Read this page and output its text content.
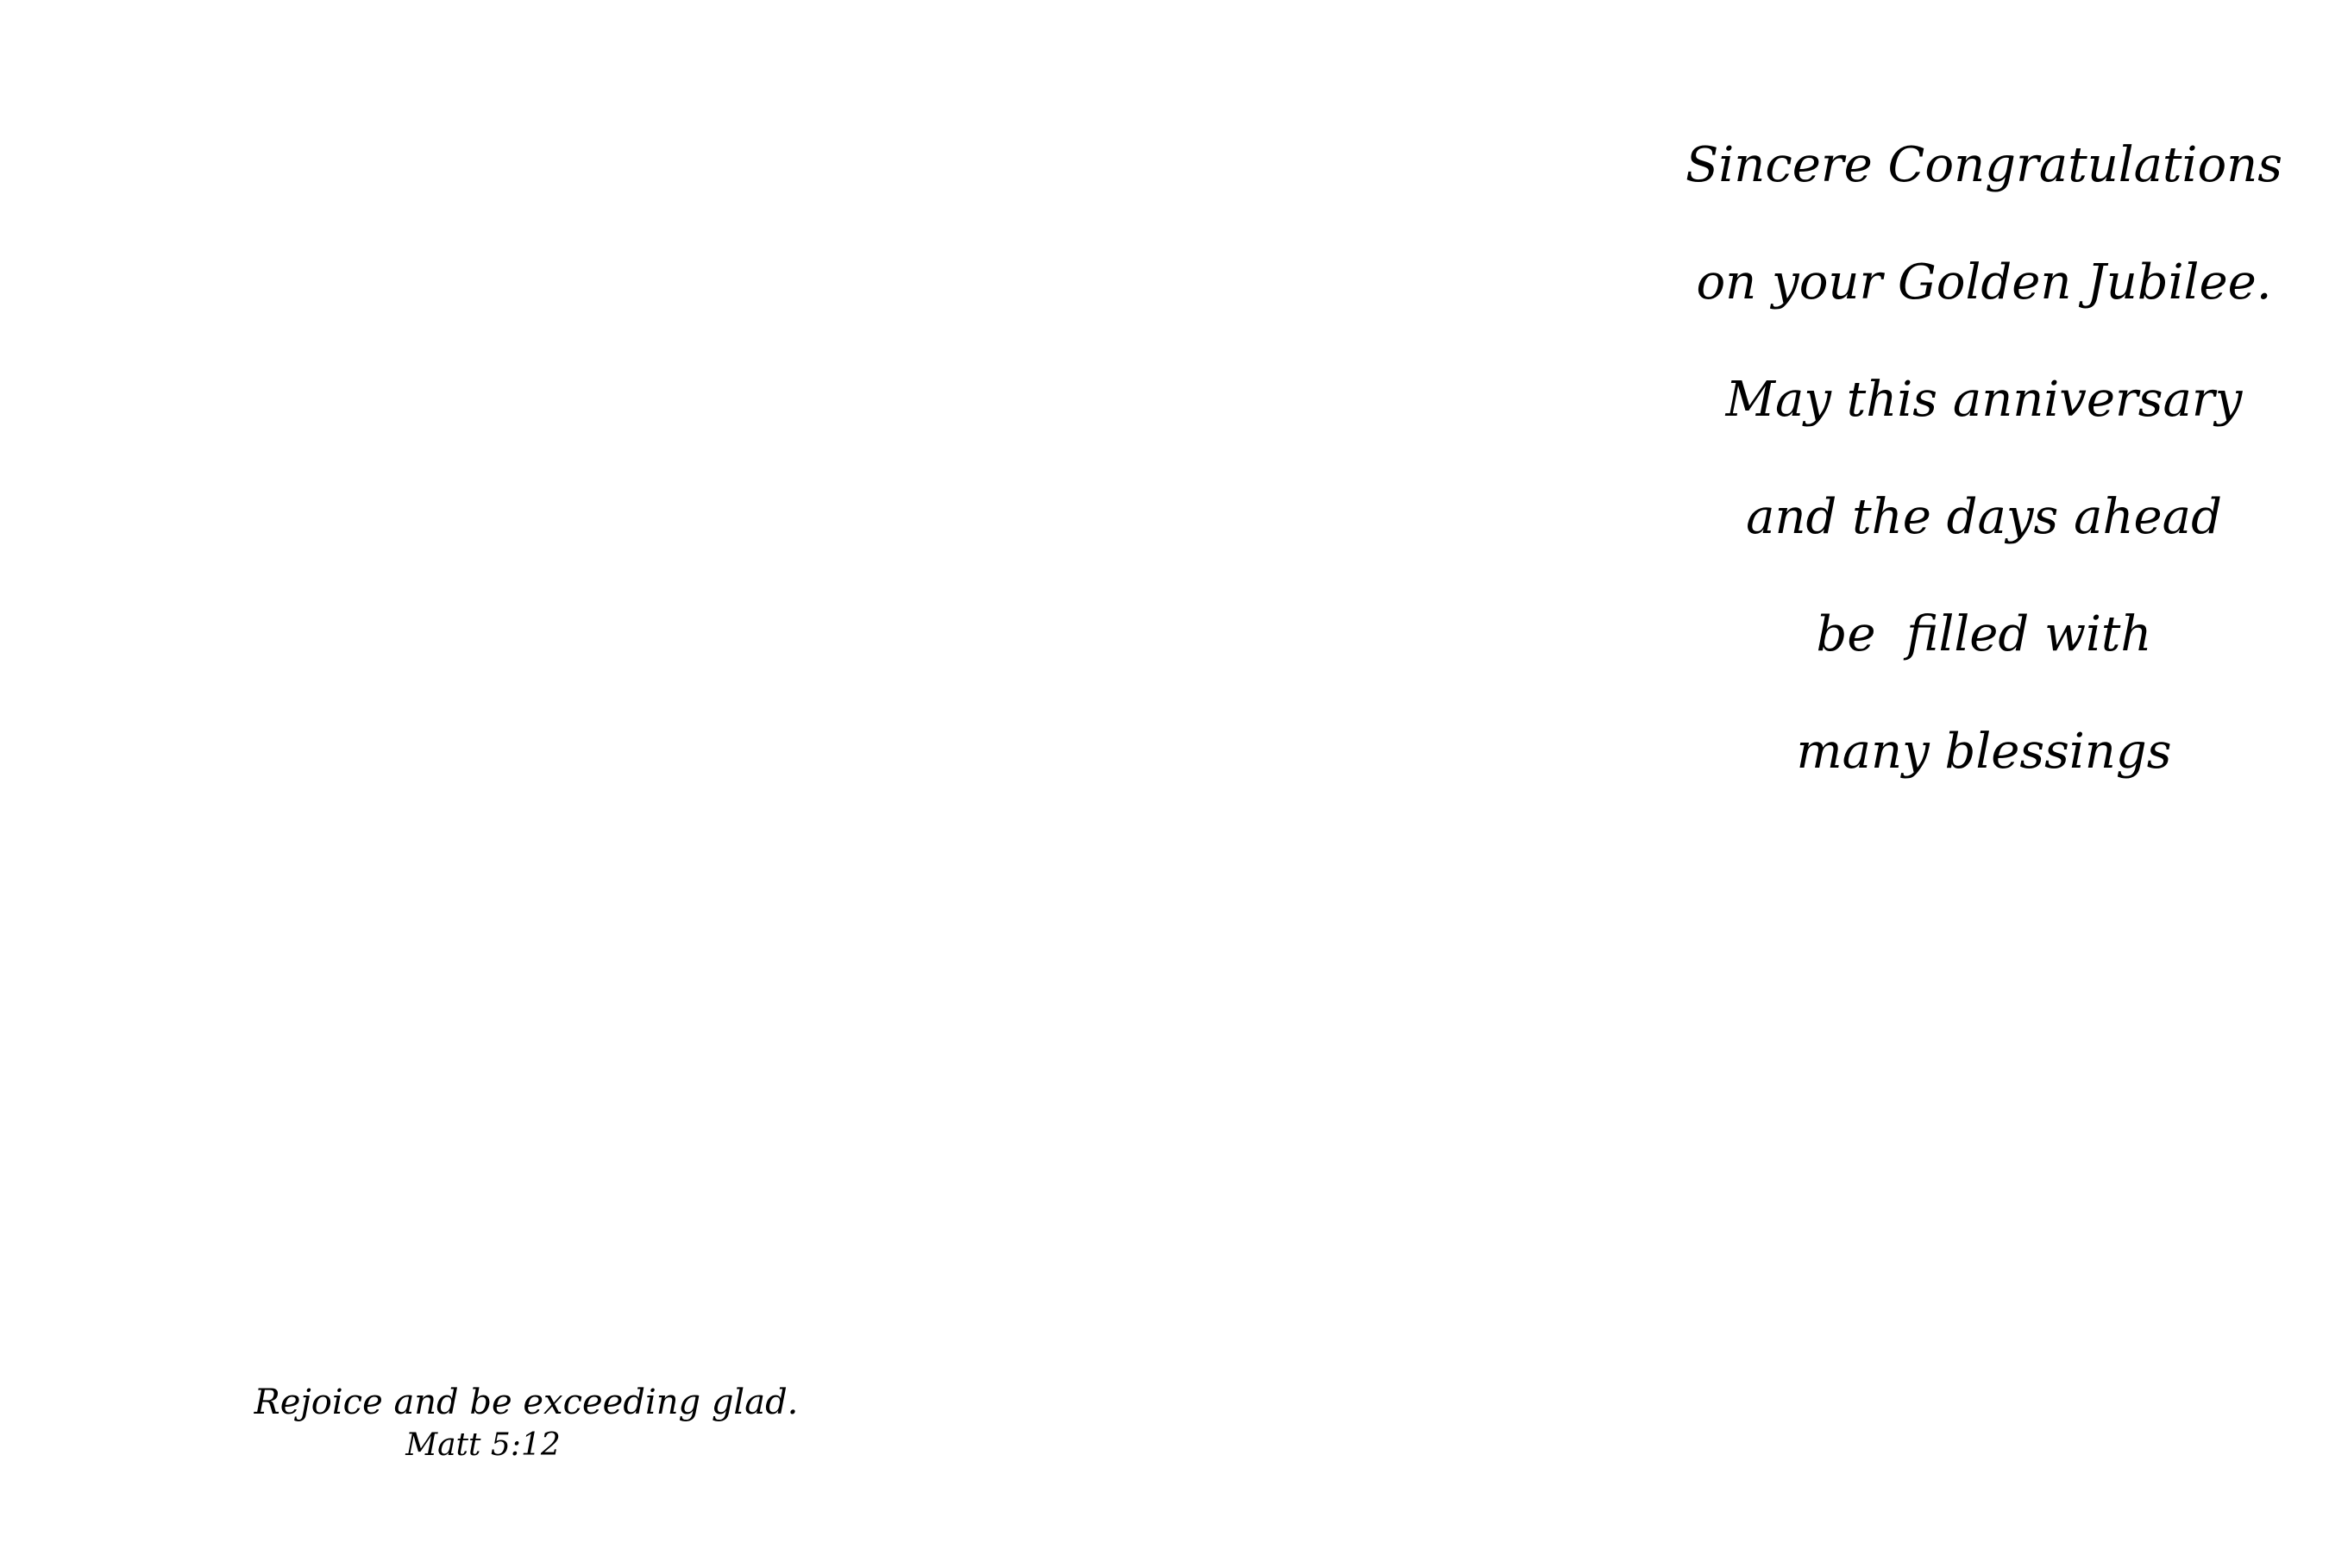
Rejoice and be exceeding glad.
Matt 5:12
Sincere Congratulations
on your Golden Jubilee.
May this anniversary
and the days ahead
be  filled with
many blessings
